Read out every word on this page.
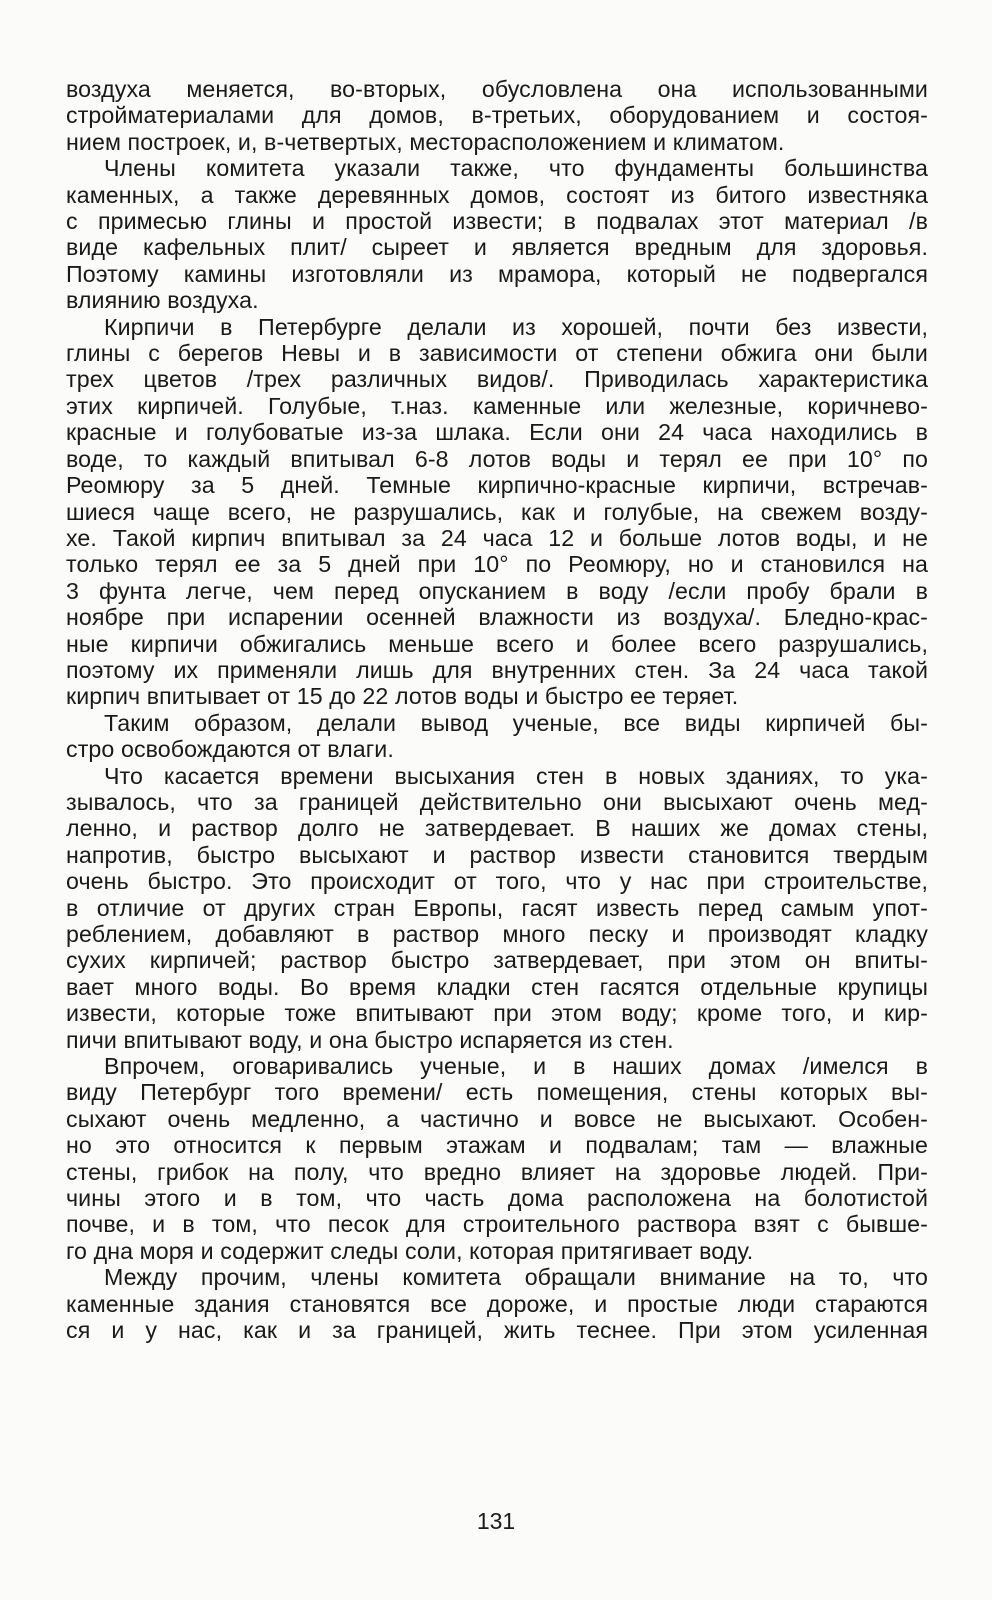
воздуха меняется, во-вторых, обусловлена она использованными
стройматериалами для домов, в-третьих, оборудованием и состоя-
нием построек, и, в-четвертых, месторасположением и климатом.
Члены комитета указали также, что фундаменты большинства
каменных, а также деревянных домов, состоят из битого известняка
с примесью глины и простой извести; в подвалах этот материал /в
виде кафельных плит/ сыреет и является вредным для здоровья.
Поэтому камины изготовляли из мрамора, который не подвергался
влиянию воздуха.
Кирпичи в Петербурге делали из хорошей, почти без извести,
глины с берегов Невы и в зависимости от степени обжига они были
трех цветов /трех различных видов/. Приводилась характеристика
этих кирпичей. Голубые, т.наз. каменные или железные, коричнево-
красные и голубоватые из-за шлака. Если они 24 часа находились в
воде, то каждый впитывал 6-8 лотов воды и терял ее при 10° по
Реомюру за 5 дней. Темные кирпично-красные кирпичи, встречав-
шиеся чаще всего, не разрушались, как и голубые, на свежем возду-
хе. Такой кирпич впитывал за 24 часа 12 и больше лотов воды, и не
только терял ее за 5 дней при 10° по Реомюру, но и становился на
3 фунта легче, чем перед опусканием в воду /если пробу брали в
ноябре при испарении осенней влажности из воздуха/. Бледно-крас-
ные кирпичи обжигались меньше всего и более всего разрушались,
поэтому их применяли лишь для внутренних стен. За 24 часа такой
кирпич впитывает от 15 до 22 лотов воды и быстро ее теряет.
Таким образом, делали вывод ученые, все виды кирпичей бы-
стро освобождаются от влаги.
Что касается времени высыхания стен в новых зданиях, то ука-
зывалось, что за границей действительно они высыхают очень мед-
ленно, и раствор долго не затвердевает. В наших же домах стены,
напротив, быстро высыхают и раствор извести становится твердым
очень быстро. Это происходит от того, что у нас при строительстве,
в отличие от других стран Европы, гасят известь перед самым упот-
реблением, добавляют в раствор много песку и производят кладку
сухих кирпичей; раствор быстро затвердевает, при этом он впиты-
вает много воды. Во время кладки стен гасятся отдельные крупицы
извести, которые тоже впитывают при этом воду; кроме того, и кир-
пичи впитывают воду, и она быстро испаряется из стен.
Впрочем, оговаривались ученые, и в наших домах /имелся в
виду Петербург того времени/ есть помещения, стены которых вы-
сыхают очень медленно, а частично и вовсе не высыхают. Особен-
но это относится к первым этажам и подвалам; там — влажные
стены, грибок на полу, что вредно влияет на здоровье людей. При-
чины этого и в том, что часть дома расположена на болотистой
почве, и в том, что песок для строительного раствора взят с бывше-
го дна моря и содержит следы соли, которая притягивает воду.
Между прочим, члены комитета обращали внимание на то, что
каменные здания становятся все дороже, и простые люди стараются
ся и у нас, как и за границей, жить теснее. При этом усиленная
131
